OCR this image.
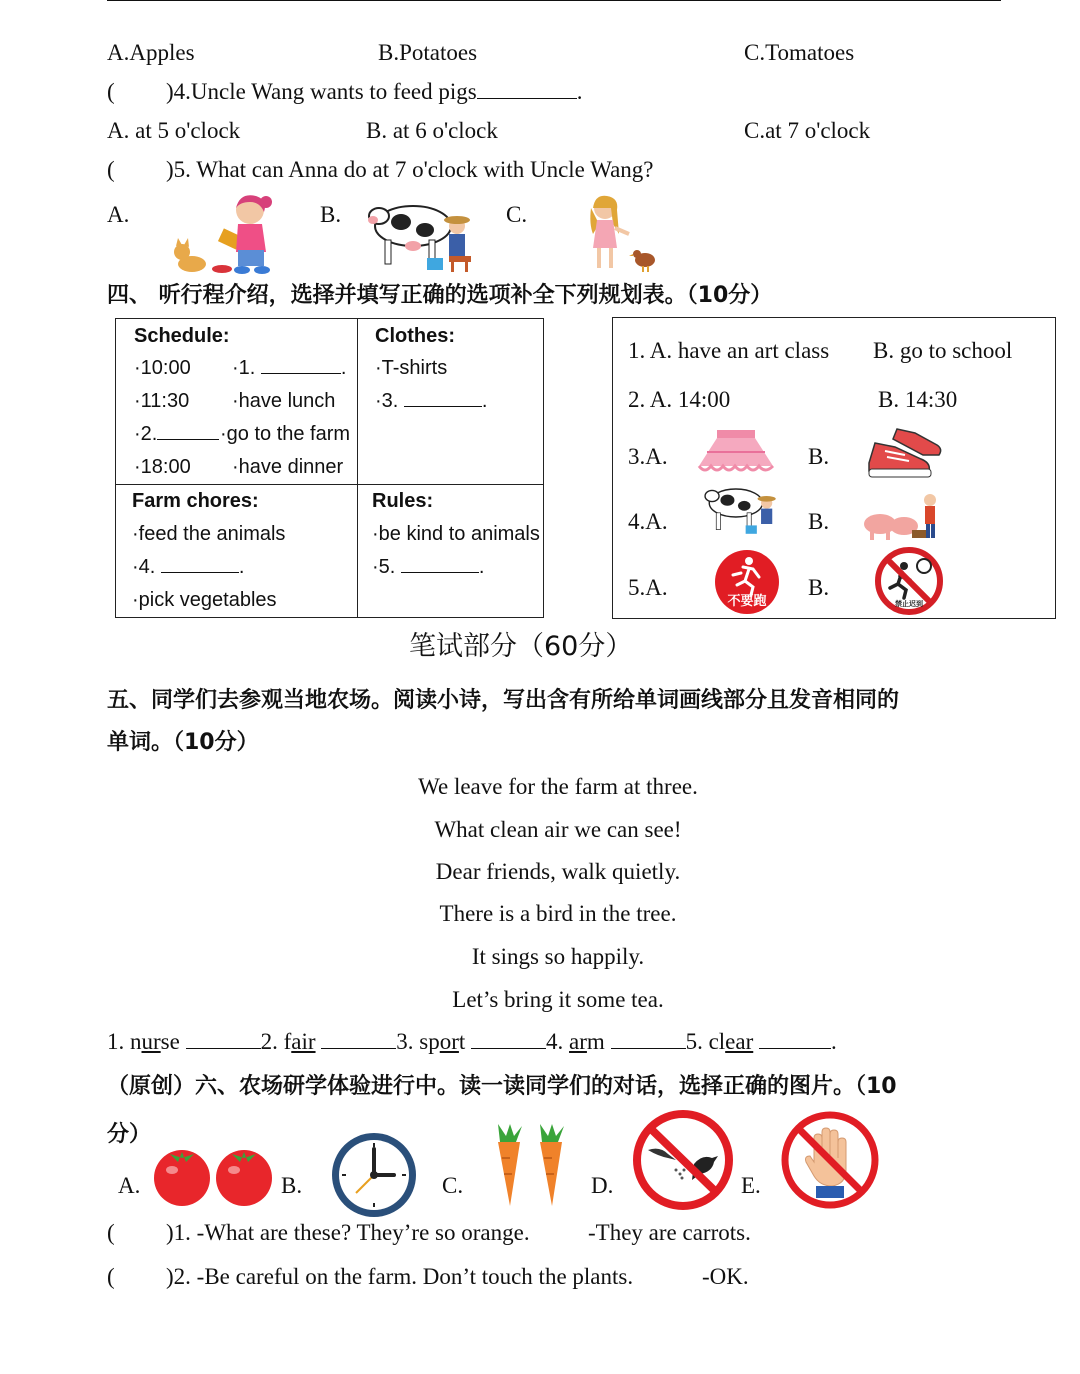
A.Apples	B.Potatoes	C.Tomatoes
( )4.Uncle Wang wants to feed pigs	.
A. at 5 o'clock	B. at 6 o'clock	C.at 7 o'clock
( )5. What can Anna do at 7 o'clock with Uncle Wang?
A.	B.	C.
四、 听行程介绍，选择并填写正确的选项补全下列规划表。（10分）
Schedule:
·10:00 ·1.	.
·11:30 ·have lunch
·2.	·go to the farm
·18:00 ·have dinner
Clothes:
·T-shirts
·3.	.
Farm chores:
·feed the animals
·4.	.
·pick vegetables
Rules:
·be kind to animals
·5.	.
1. A. have an art class B. go to school
2. A. 14:00	B. 14:30
3.A.	B.
4.A.	B.
5.A.	B.
不要跑	禁止迟到
笔试部分（60分）
五、同学们去参观当地农场。阅读小诗，写出含有所给单词画线部分且发音相同的
单词。（10分）
We leave for the farm at three.
What clean air we can see!
Dear friends, walk quietly.
There is a bird in the tree.
It sings so happily.
Let’s bring it some tea.
1. nurse	2. fair	3. sport	4. arm	5. clear	.
（原创）六、农场研学体验进行中。读一读同学们的对话，选择正确的图片。（10
分）
A.	B.	C.	D.	E.
( )1. -What are these? They’re so orange.	-They are carrots.
( )2. -Be careful on the farm. Don’t touch the plants.	-OK.
